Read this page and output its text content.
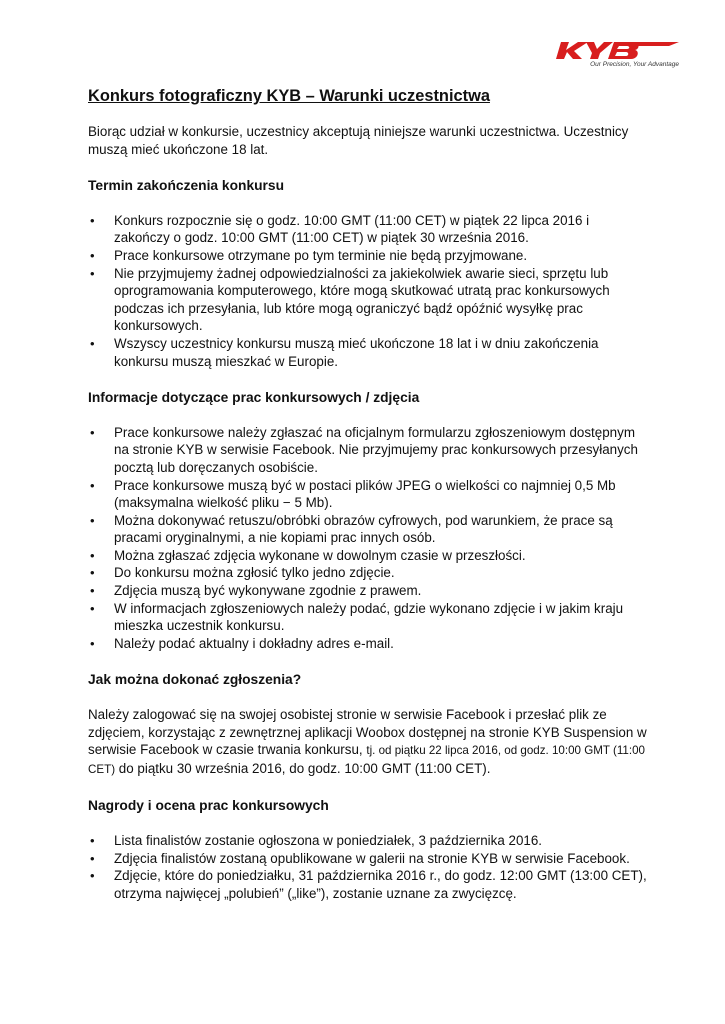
Our Precision, Your Advantage
Konkurs fotograficzny KYB – Warunki uczestnictwa

Biorąc udział w konkursie, uczestnicy akceptują niniejsze warunki uczestnictwa. Uczestnicy muszą mieć ukończone 18 lat.

Termin zakończenia konkursu
• Konkurs rozpocznie się o godz. 10:00 GMT (11:00 CET) w piątek 22 lipca 2016 i zakończy o godz. 10:00 GMT (11:00 CET) w piątek 30 września 2016.
• Prace konkursowe otrzymane po tym terminie nie będą przyjmowane.
• Nie przyjmujemy żadnej odpowiedzialności za jakiekolwiek awarie sieci, sprzętu lub oprogramowania komputerowego, które mogą skutkować utratą prac konkursowych podczas ich przesyłania, lub które mogą ograniczyć bądź opóźnić wysyłkę prac konkursowych.
• Wszyscy uczestnicy konkursu muszą mieć ukończone 18 lat i w dniu zakończenia konkursu muszą mieszkać w Europie.
Informacje dotyczące prac konkursowych / zdjęcia
• Prace konkursowe należy zgłaszać na oficjalnym formularzu zgłoszeniowym dostępnym na stronie KYB w serwisie Facebook. Nie przyjmujemy prac konkursowych przesyłanych pocztą lub doręczanych osobiście.
• Prace konkursowe muszą być w postaci plików JPEG o wielkości co najmniej 0,5 Mb (maksymalna wielkość pliku − 5 Mb).
• Można dokonywać retuszu/obróbki obrazów cyfrowych, pod warunkiem, że prace są pracami oryginalnymi, a nie kopiami prac innych osób.
• Można zgłaszać zdjęcia wykonane w dowolnym czasie w przeszłości.
• Do konkursu można zgłosić tylko jedno zdjęcie.
• Zdjęcia muszą być wykonywane zgodnie z prawem.
• W informacjach zgłoszeniowych należy podać, gdzie wykonano zdjęcie i w jakim kraju mieszka uczestnik konkursu.
• Należy podać aktualny i dokładny adres e-mail.
Jak można dokonać zgłoszenia?

Należy zalogować się na swojej osobistej stronie w serwisie Facebook i przesłać plik ze zdjęciem, korzystając z zewnętrznej aplikacji Woobox dostępnej na stronie KYB Suspension w serwisie Facebook w czasie trwania konkursu, tj. od piątku 22 lipca 2016, od godz. 10:00 GMT (11:00 CET) do piątku 30 września 2016, do godz. 10:00 GMT (11:00 CET).

Nagrody i ocena prac konkursowych
• Lista finalistów zostanie ogłoszona w poniedziałek, 3 października 2016.
• Zdjęcia finalistów zostaną opublikowane w galerii na stronie KYB w serwisie Facebook.
• Zdjęcie, które do poniedziałku, 31 października 2016 r., do godz. 12:00 GMT (13:00 CET), otrzyma najwięcej „polubień” („like”), zostanie uznane za zwycięzcę.
